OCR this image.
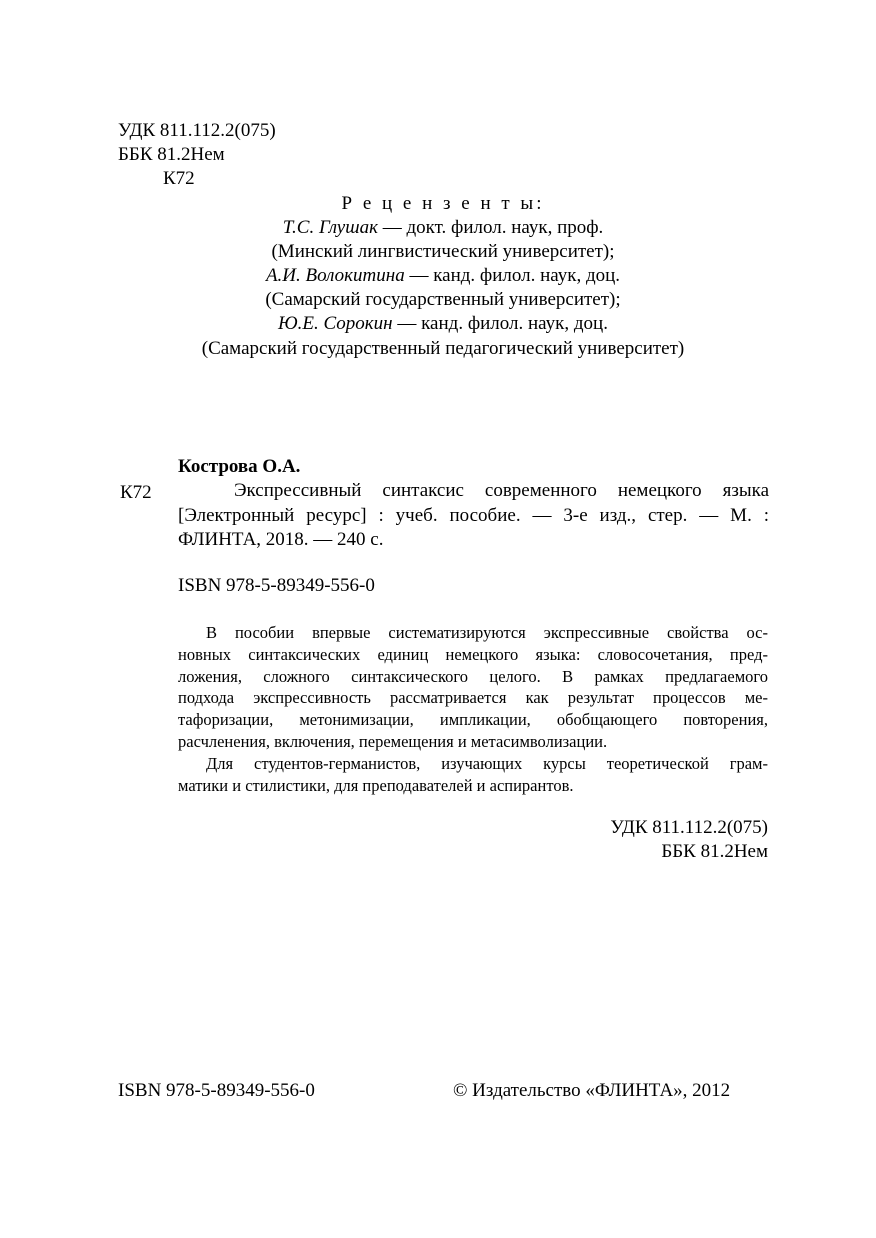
УДК 811.112.2(075)
ББК 81.2Нем
К72
Р е ц е н з е н т ы:
Т.С. Глушак — докт. филол. наук, проф.
(Минский лингвистический университет);
А.И. Волокитина — канд. филол. наук, доц.
(Самарский государственный университет);
Ю.Е. Сорокин — канд. филол. наук, доц.
(Самарский государственный педагогический университет)
Кострова О.А.
К72	Экспрессивный синтаксис современного немецкого языка

[Электронный ресурс] : учеб. пособие. — 3-е изд., стер. — М. :

ФЛИНТА, 2018. — 240 с.

ISBN 978-5-89349-556-0
В пособии впервые систематизируются экспрессивные свойства ос-
новных синтаксических единиц немецкого языка: словосочетания, пред-
ложения, сложного синтаксического целого. В рамках предлагаемого
подхода экспрессивность рассматривается как результат процессов ме-
тафоризации, метонимизации, импликации, обобщающего повторения,
расчленения, включения, перемещения и метасимволизации.
Для студентов-германистов, изучающих курсы теоретической грам-
матики и стилистики, для преподавателей и аспирантов.
УДК 811.112.2(075)
ББК 81.2Нем
ISBN 978-5-89349-556-0	© Издательство «ФЛИНТА», 2012
